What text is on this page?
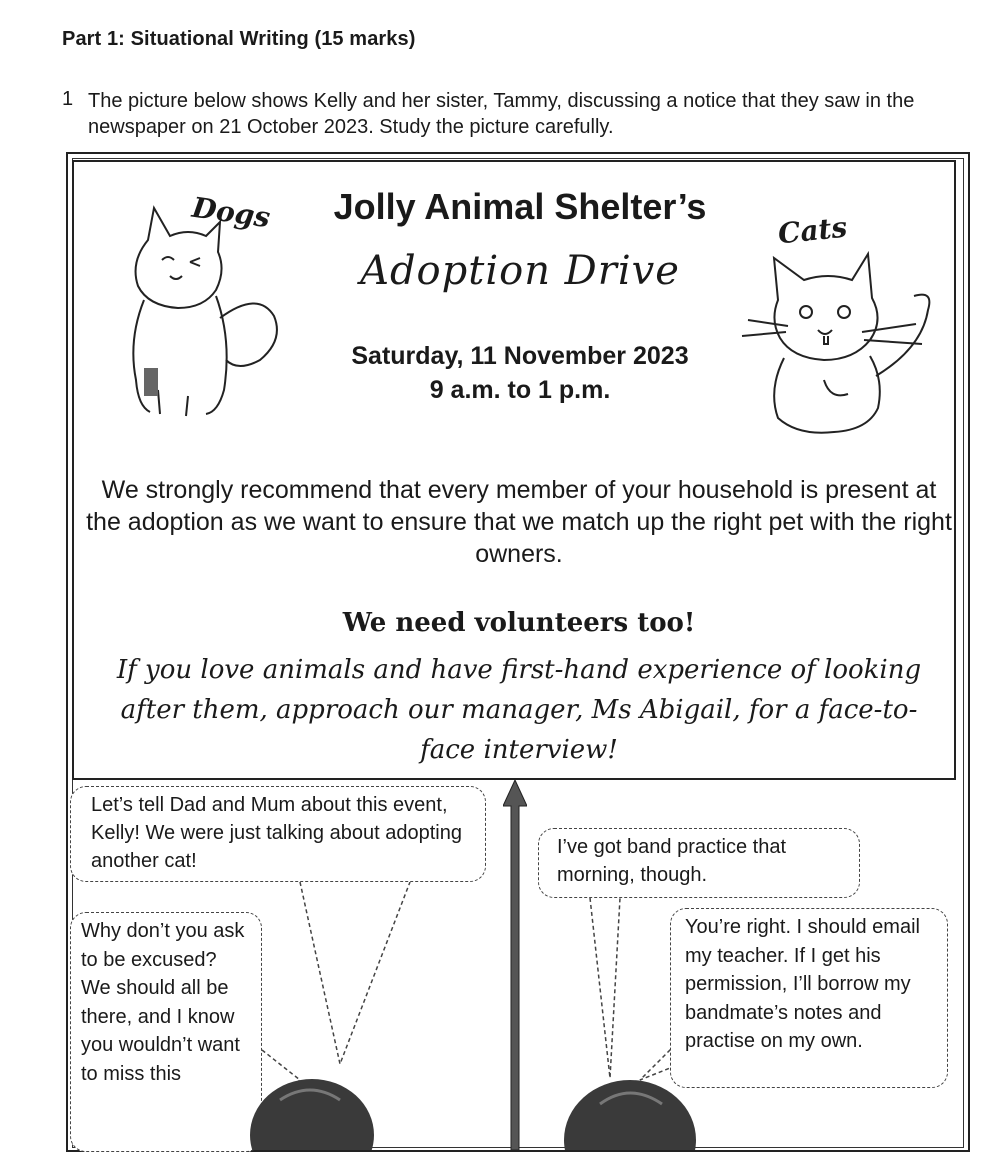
Part 1: Situational Writing (15 marks)
1 The picture below shows Kelly and her sister, Tammy, discussing a notice that they saw in the newspaper on 21 October 2023. Study the picture carefully.
Dogs	Cats
Jolly Animal Shelter’s
Adoption Drive
Saturday, 11 November 2023
9 a.m. to 1 p.m.
We strongly recommend that every member of your household is present at the adoption as we want to ensure that we match up the right pet with the right owners.
We need volunteers too!
If you love animals and have first-hand experience of looking after them, approach our manager, Ms Abigail, for a face-to-face interview!
Let’s tell Dad and Mum about this event, Kelly! We were just talking about adopting another cat!
I’ve got band practice that morning, though.
Why don’t you ask to be excused? We should all be there, and I know you wouldn’t want to miss this
You’re right. I should email my teacher. If I get his permission, I’ll borrow my bandmate’s notes and practise on my own.
